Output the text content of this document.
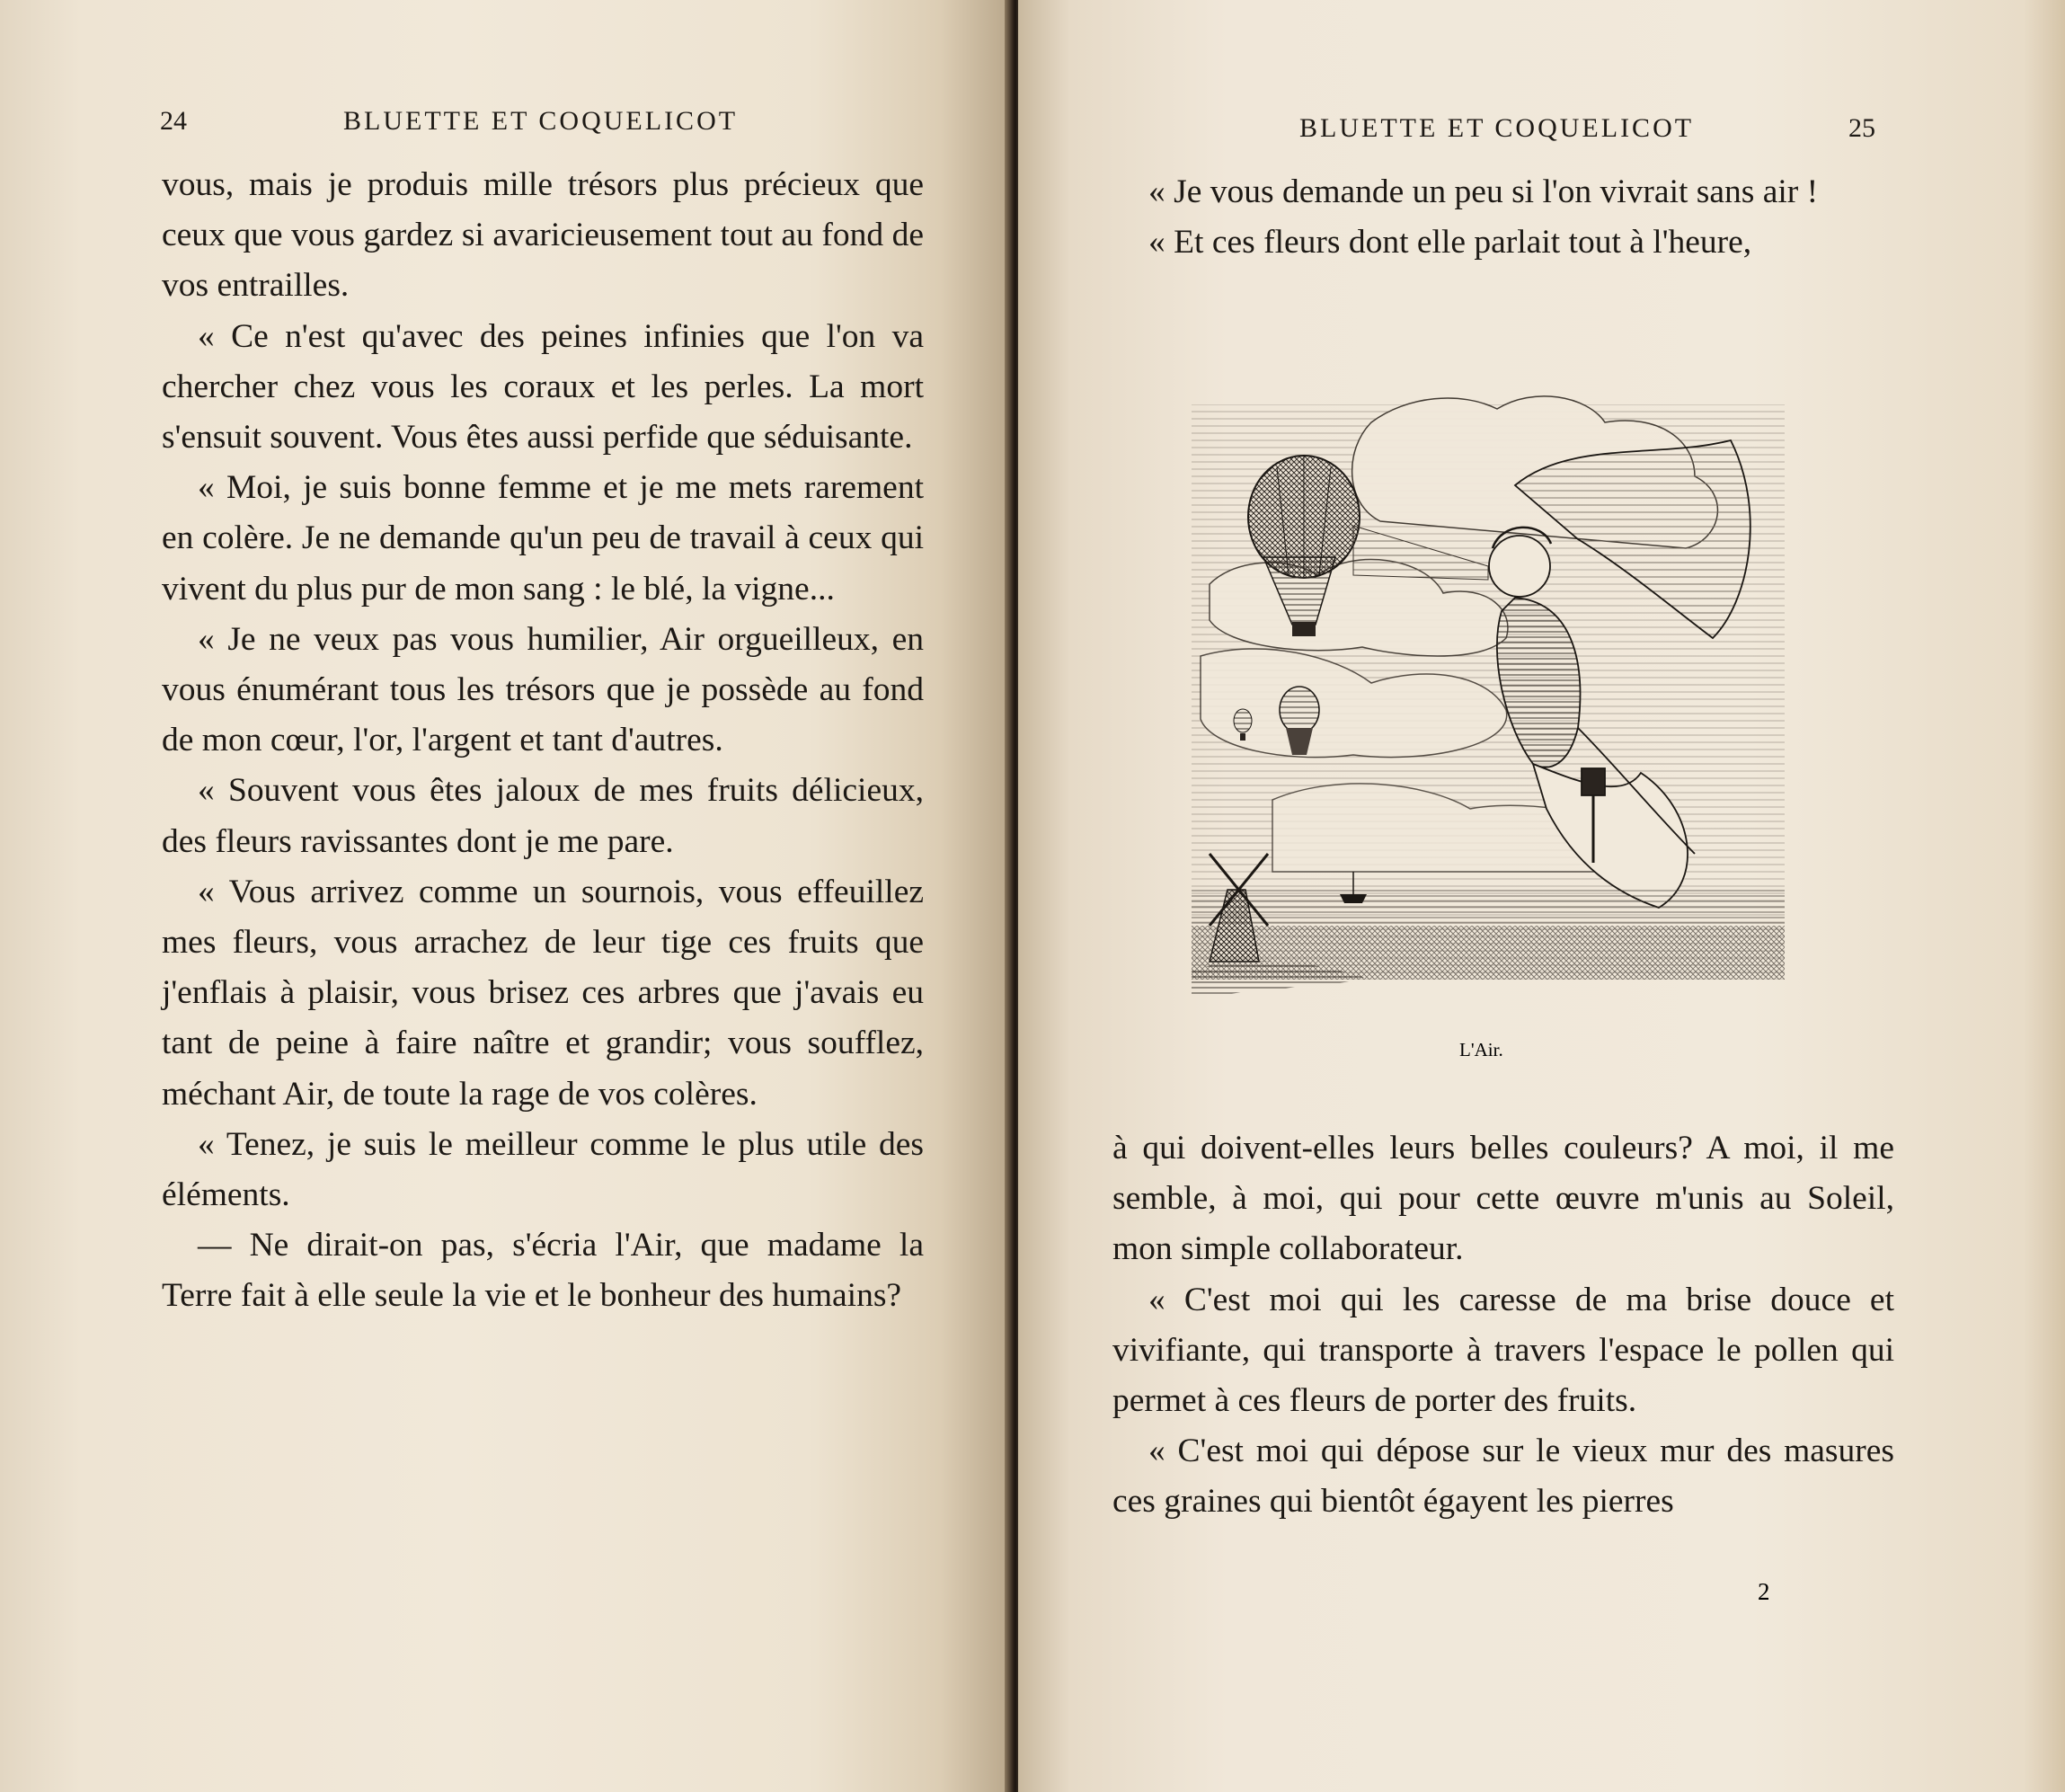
24	BLUETTE ET COQUELICOT

vous, mais je produis mille trésors plus précieux que ceux que vous gardez si avaricieusement tout au fond de vos entrailles.

« Ce n'est qu'avec des peines infinies que l'on va chercher chez vous les coraux et les perles. La mort s'ensuit souvent. Vous êtes aussi perfide que séduisante.

« Moi, je suis bonne femme et je me mets rarement en colère. Je ne demande qu'un peu de travail à ceux qui vivent du plus pur de mon sang : le blé, la vigne...

« Je ne veux pas vous humilier, Air orgueilleux, en vous énumérant tous les trésors que je possède au fond de mon cœur, l'or, l'argent et tant d'autres.

« Souvent vous êtes jaloux de mes fruits délicieux, des fleurs ravissantes dont je me pare.

« Vous arrivez comme un sournois, vous effeuillez mes fleurs, vous arrachez de leur tige ces fruits que j'enflais à plaisir, vous brisez ces arbres que j'avais eu tant de peine à faire naître et grandir; vous soufflez, méchant Air, de toute la rage de vos colères.

« Tenez, je suis le meilleur comme le plus utile des éléments.

— Ne dirait-on pas, s'écria l'Air, que madame la Terre fait à elle seule la vie et le bonheur des humains?

BLUETTE ET COQUELICOT	25

« Je vous demande un peu si l'on vivrait sans air !

« Et ces fleurs dont elle parlait tout à l'heure,

à qui doivent-elles leurs belles couleurs? A moi, il me semble, à moi, qui pour cette œuvre m'unis au Soleil, mon simple collaborateur.

« C'est moi qui les caresse de ma brise douce et vivifiante, qui transporte à travers l'espace le pollen qui permet à ces fleurs de porter des fruits.

« C'est moi qui dépose sur le vieux mur des masures ces graines qui bientôt égayent les pierres

L'Air.
2
